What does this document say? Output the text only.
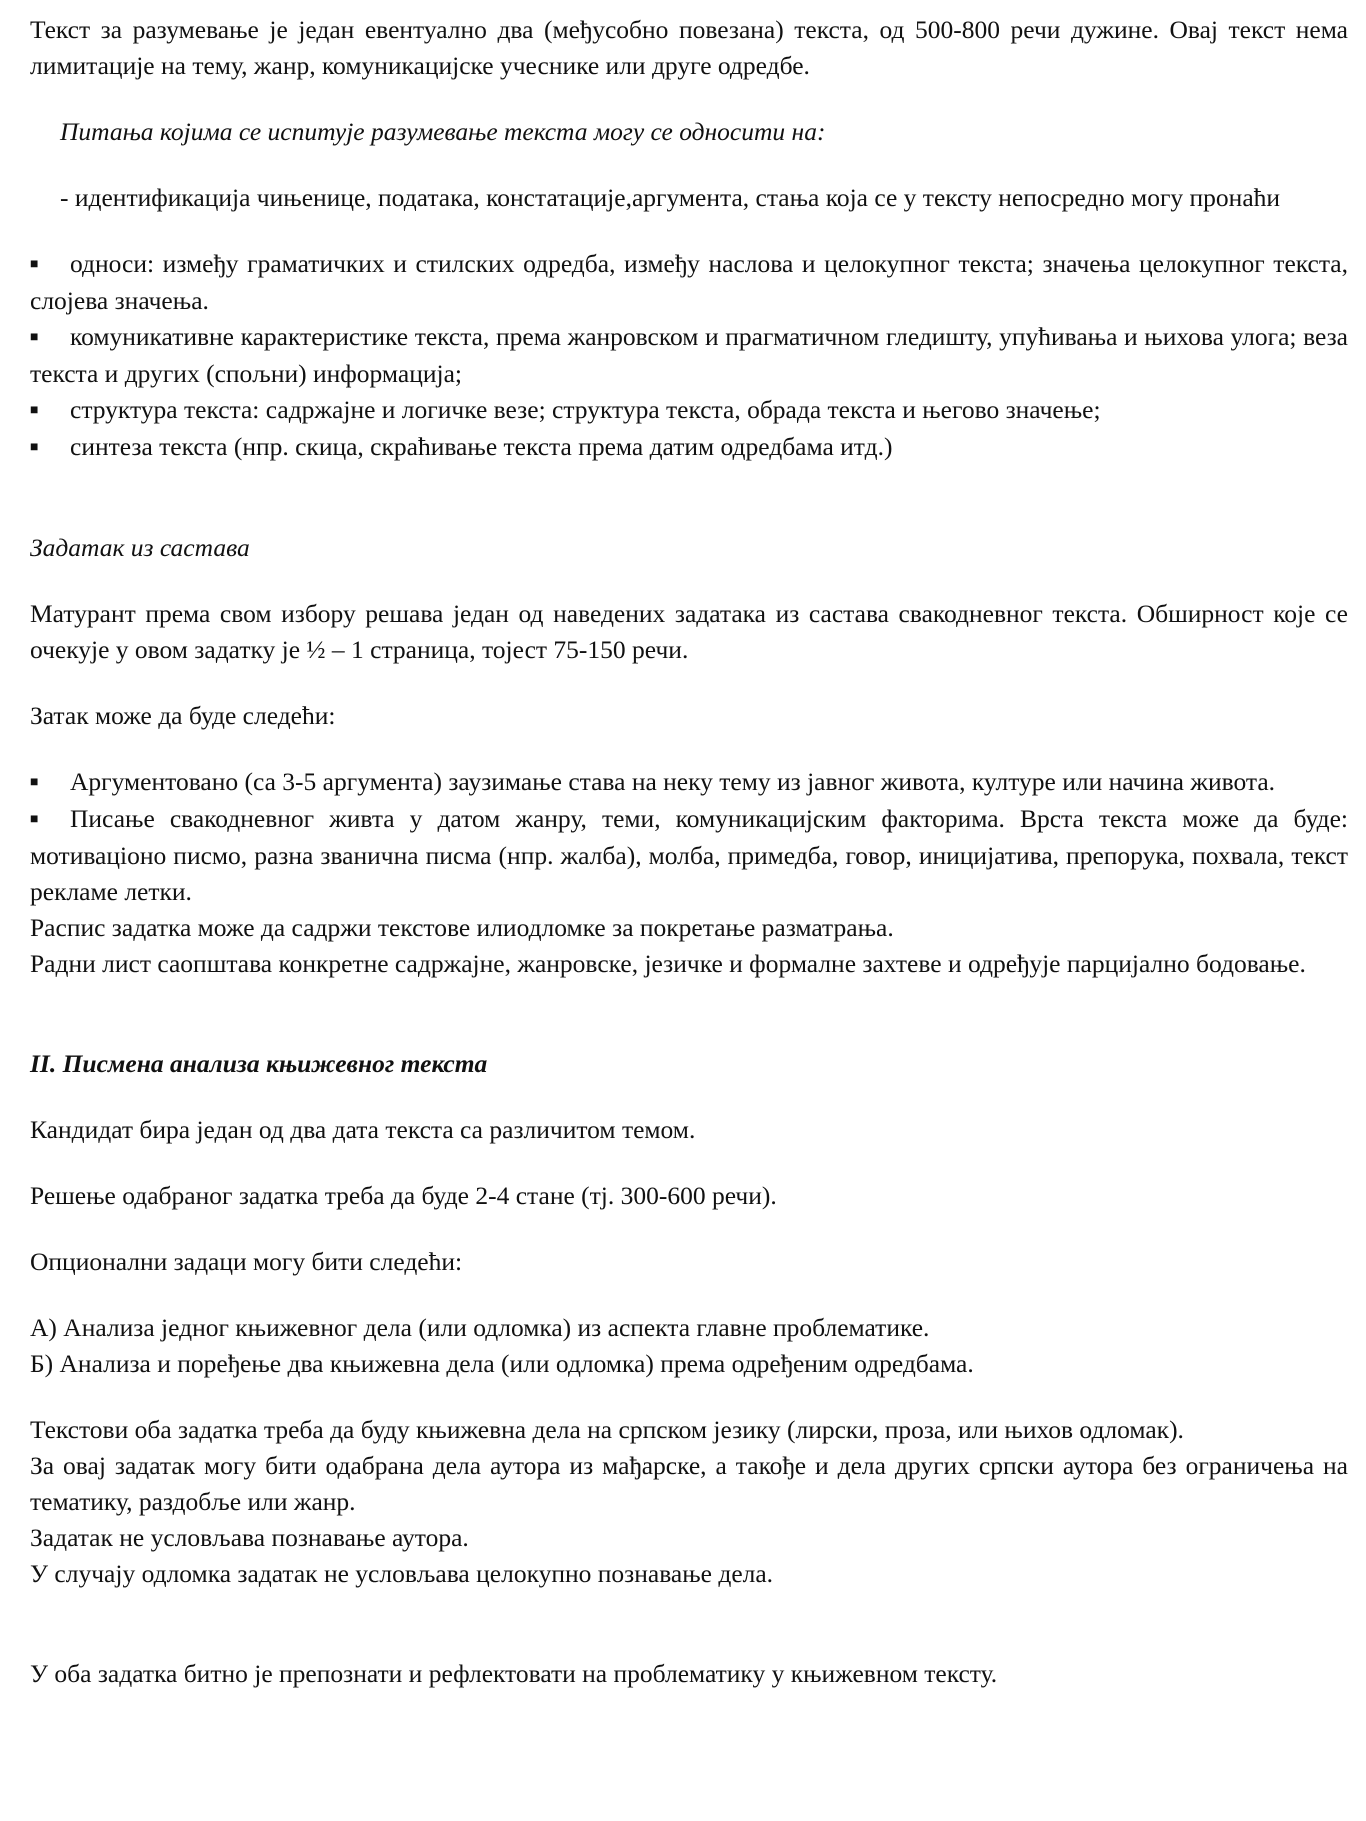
Текст за разумевање је један евентуално два (међусобно повезана) текста, од 500-800 речи дужине. Овај текст нема лимитације на тему, жанр, комуникацијске учеснике или друге одредбе.

Питања којима се испитује разумевање текста могу се односити на:

- идентификација чињенице, података, констатације,аргумента, стања која се у тексту непосредно могу пронаћи

■ односи: између граматичких и стилских одредба, између наслова и целокупног текста; значења целокупног текста, слојева значења.

■ комуникативне карактеристике текста, према жанровском и прагматичном гледишту, упућивања и њихова улога; веза текста и других (спољни) информација;

■ структура текста: садржајне и логичке везе; структура текста, обрада текста и његово значење;

■ синтеза текста (нпр. скица, скраћивање текста према датим одредбама итд.)

Задатак из састава

Матурант према свом избору решава један од наведених задатака из састава свакодневног текста. Обширност које се очекује у овом задатку је ½ – 1 страница, тојест 75-150 речи.

Затак може да буде следећи:

■ Аргументовано (са 3-5 аргумента) заузимање става на неку тему из јавног живота, културе или начина живота.

■ Писање свакодневног живта у датом жанру, теми, комуникацијским факторима. Врста текста може да буде: мотиваціоно писмо, разна званична писма (нпр. жалба), молба, примедба, говор, иницијатива, препорука, похвала, текст рекламе летки.

Распис задатка може да садржи текстове илиодломке за покретање разматрања.

Радни лист саопштава конкретне садржајне, жанровске, језичке и формалне захтеве и одређује парцијално бодовање.

II. Писмена анализа књижевног текста

Кандидат бира један од два дата текста са различитом темом.

Решење одабраног задатка треба да буде 2-4 стане (тј. 300-600 речи).

Опционални задаци могу бити следећи:

А) Анализа једног књижевног дела (или одломка) из аспекта главне проблематике.

Б) Анализа и поређење два књижевна дела (или одломка) према одређеним одредбама.

Текстови оба задатка треба да буду књижевна дела на српском језику (лирски, проза, или њихов одломак).

За овај задатак могу бити одабрана дела аутора из мађарске, а такође и дела других српски аутора без ограничења на тематику, раздобље или жанр.

Задатак не условљава познавање аутора.

У случају одломка задатак не условљава целокупно познавање дела.

У оба задатка битно је препознати и рефлектовати на проблематику у књижевном тексту.
